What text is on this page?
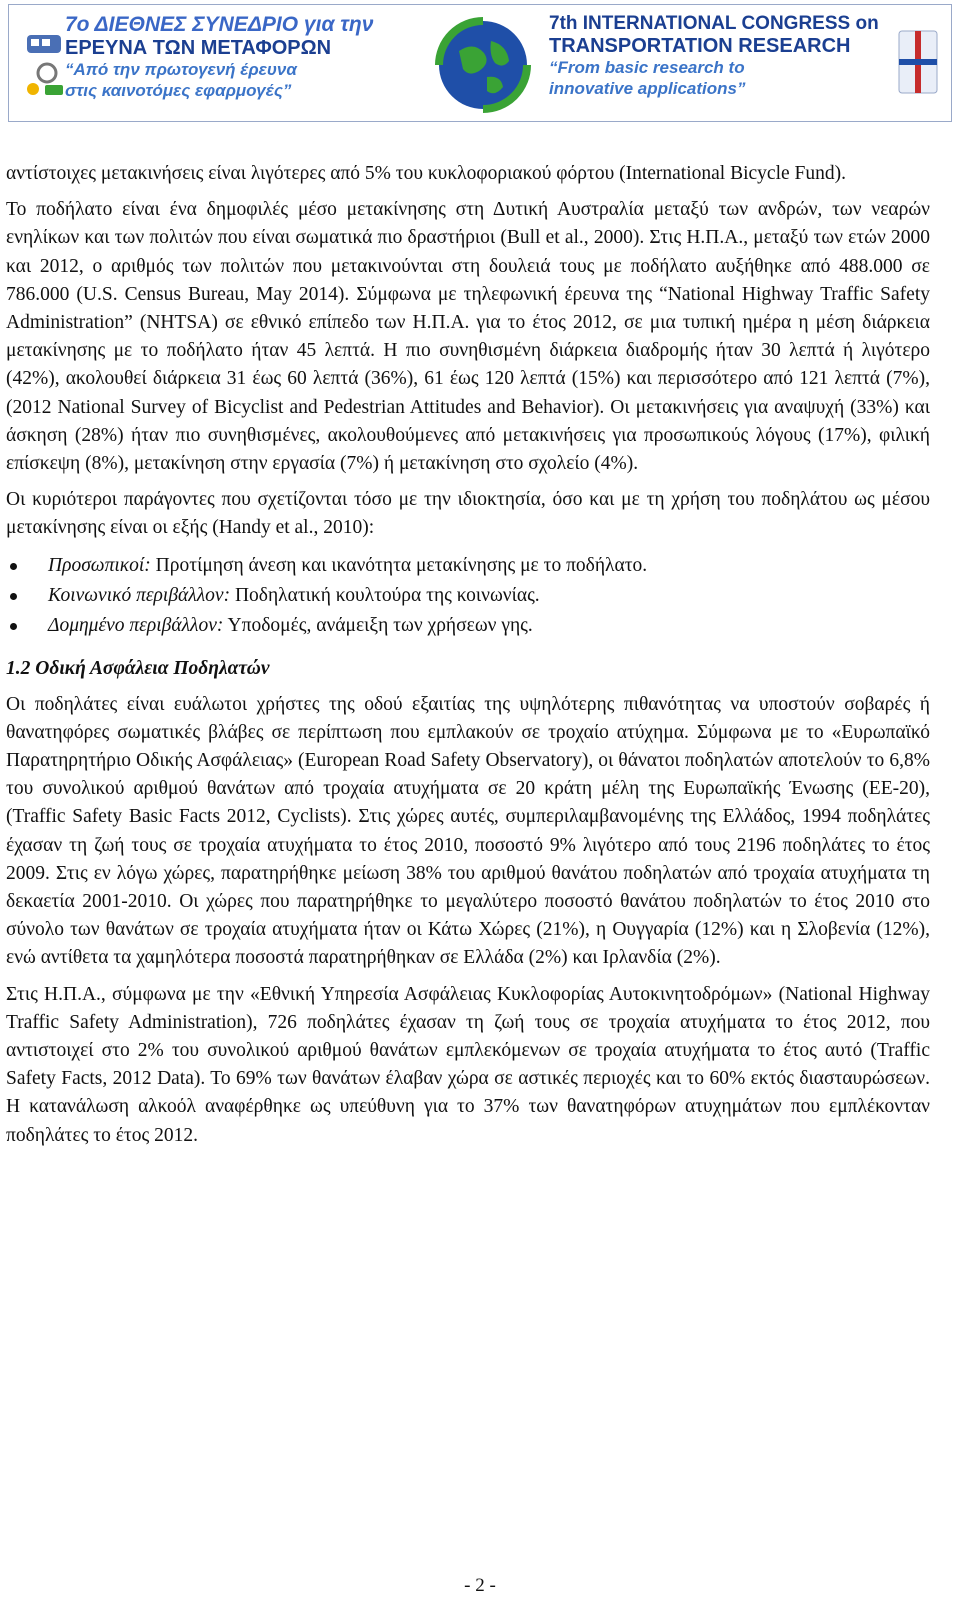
7ο ΔΙΕΘΝΕΣ ΣΥΝΕΔΡΙΟ για την
ΕΡΕΥΝΑ ΤΩΝ ΜΕΤΑΦΟΡΩΝ
“Από την πρωτογενή έρευνα
στις καινοτόμες εφαρμογές”
7th INTERNATIONAL CONGRESS on
TRANSPORTATION RESEARCH
“From basic research to
innovative applications”

αντίστοιχες μετακινήσεις είναι λιγότερες από 5% του κυκλοφοριακού φόρτου (International Bicycle Fund).

Το ποδήλατο είναι ένα δημοφιλές μέσο μετακίνησης στη Δυτική Αυστραλία μεταξύ των ανδρών, των νεαρών ενηλίκων και των πολιτών που είναι σωματικά πιο δραστήριοι (Bull et al., 2000). Στις Η.Π.Α., μεταξύ των ετών 2000 και 2012, ο αριθμός των πολιτών που μετακινούνται στη δουλειά τους με ποδήλατο αυξήθηκε από 488.000 σε 786.000 (U.S. Census Bureau, May 2014). Σύμφωνα με τηλεφωνική έρευνα της “National Highway Traffic Safety Administration” (NHTSA) σε εθνικό επίπεδο των Η.Π.Α. για το έτος 2012, σε μια τυπική ημέρα η μέση διάρκεια μετακίνησης με το ποδήλατο ήταν 45 λεπτά. Η πιο συνηθισμένη διάρκεια διαδρομής ήταν 30 λεπτά ή λιγότερο (42%), ακολουθεί διάρκεια 31 έως 60 λεπτά (36%), 61 έως 120 λεπτά (15%) και περισσότερο από 121 λεπτά (7%), (2012 National Survey of Bicyclist and Pedestrian Attitudes and Behavior). Οι μετακινήσεις για αναψυχή (33%) και άσκηση (28%) ήταν πιο συνηθισμένες, ακολουθούμενες από μετακινήσεις για προσωπικούς λόγους (17%), φιλική επίσκεψη (8%), μετακίνηση στην εργασία (7%) ή μετακίνηση στο σχολείο (4%).

Οι κυριότεροι παράγοντες που σχετίζονται τόσο με την ιδιοκτησία, όσο και με τη χρήση του ποδηλάτου ως μέσου μετακίνησης είναι οι εξής (Handy et al., 2010):

Προσωπικοί: Προτίμηση άνεση και ικανότητα μετακίνησης με το ποδήλατο.
Κοινωνικό περιβάλλον: Ποδηλατική κουλτούρα της κοινωνίας.
Δομημένο περιβάλλον: Υποδομές, ανάμειξη των χρήσεων γης.
1.2 Οδική Ασφάλεια Ποδηλατών

Οι ποδηλάτες είναι ευάλωτοι χρήστες της οδού εξαιτίας της υψηλότερης πιθανότητας να υποστούν σοβαρές ή θανατηφόρες σωματικές βλάβες σε περίπτωση που εμπλακούν σε τροχαίο ατύχημα. Σύμφωνα με το «Ευρωπαϊκό Παρατηρητήριο Οδικής Ασφάλειας» (European Road Safety Observatory), οι θάνατοι ποδηλατών αποτελούν το 6,8% του συνολικού αριθμού θανάτων από τροχαία ατυχήματα σε 20 κράτη μέλη της Ευρωπαϊκής Ένωσης (ΕΕ-20), (Traffic Safety Basic Facts 2012, Cyclists). Στις χώρες αυτές, συμπεριλαμβανομένης της Ελλάδος, 1994 ποδηλάτες έχασαν τη ζωή τους σε τροχαία ατυχήματα το έτος 2010, ποσοστό 9% λιγότερο από τους 2196 ποδηλάτες το έτος 2009. Στις εν λόγω χώρες, παρατηρήθηκε μείωση 38% του αριθμού θανάτου ποδηλατών από τροχαία ατυχήματα τη δεκαετία 2001-2010. Οι χώρες που παρατηρήθηκε το μεγαλύτερο ποσοστό θανάτου ποδηλατών το έτος 2010 στο σύνολο των θανάτων σε τροχαία ατυχήματα ήταν οι Κάτω Χώρες (21%), η Ουγγαρία (12%) και η Σλοβενία (12%), ενώ αντίθετα τα χαμηλότερα ποσοστά παρατηρήθηκαν σε Ελλάδα (2%) και Ιρλανδία (2%).

Στις Η.Π.Α., σύμφωνα με την «Εθνική Υπηρεσία Ασφάλειας Κυκλοφορίας Αυτοκινητοδρόμων» (National Highway Traffic Safety Administration), 726 ποδηλάτες έχασαν τη ζωή τους σε τροχαία ατυχήματα το έτος 2012, που αντιστοιχεί στο 2% του συνολικού αριθμού θανάτων εμπλεκόμενων σε τροχαία ατυχήματα το έτος αυτό (Traffic Safety Facts, 2012 Data). Το 69% των θανάτων έλαβαν χώρα σε αστικές περιοχές και το 60% εκτός διασταυρώσεων. Η κατανάλωση αλκοόλ αναφέρθηκε ως υπεύθυνη για το 37% των θανατηφόρων ατυχημάτων που εμπλέκονταν ποδηλάτες το έτος 2012.

- 2 -
